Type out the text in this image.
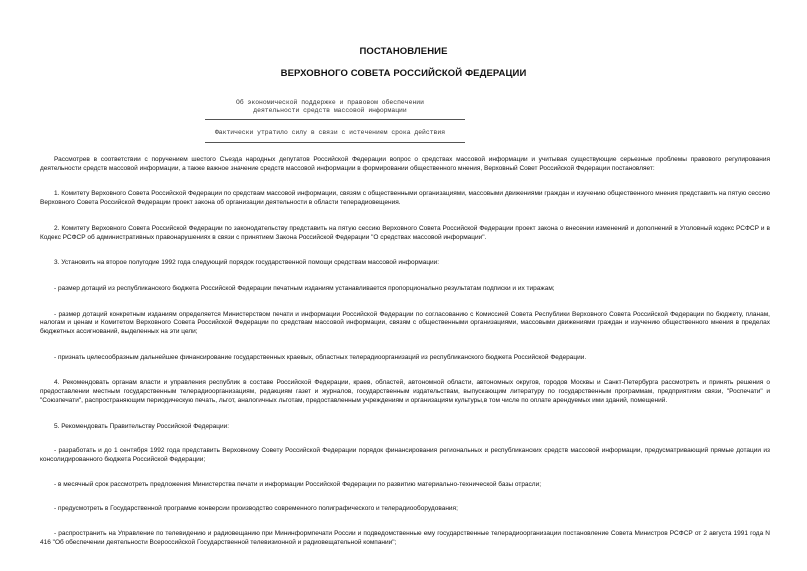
ПОСТАНОВЛЕНИЕ
ВЕРХОВНОГО СОВЕТА РОССИЙСКОЙ ФЕДЕРАЦИИ
Об экономической поддержке и правовом обеспечении
деятельности средств массовой информации
Фактически утратило силу в связи с истечением срока действия

Рассмотрев в соответствии с поручением шестого Съезда народных депутатов Российской Федерации вопрос о средствах массовой информации и учитывая существующие серьезные проблемы правового регулирования деятельности средств массовой информации, а также важное значение средств массовой информации в формировании общественного мнения, Верховный Совет Российской Федерации постановляет:

1. Комитету Верховного Совета Российской Федерации по средствам массовой информации, связям с общественными организациями, массовыми движениями граждан и изучению общественного мнения представить на пятую сессию Верховного Совета Российской Федерации проект закона об организации деятельности в области телерадиовещения.

2. Комитету Верховного Совета Российской Федерации по законодательству представить на пятую сессию Верховного Совета Российской Федерации проект закона о внесении изменений и дополнений в Уголовный кодекс РСФСР и в Кодекс РСФСР об административных правонарушениях в связи с принятием Закона Российской Федерации "О средствах массовой информации".

3. Установить на второе полугодие 1992 года следующий порядок государственной помощи средствам массовой информации:

- размер дотаций из республиканского бюджета Российской Федерации печатным изданиям устанавливается пропорционально результатам подписки и их тиражам;

- размер дотаций конкретным изданиям определяется Министерством печати и информации Российской Федерации по согласованию с Комиссией Совета Республики Верховного Совета Российской Федерации по бюджету, планам, налогам и ценам и Комитетом Верховного Совета Российской Федерации по средствам массовой информации, связям с общественными организациями, массовыми движениями граждан и изучению общественного мнения в пределах бюджетных ассигнований, выделенных на эти цели;

- признать целесообразным дальнейшее финансирование государственных краевых, областных телерадиоорганизаций из республиканского бюджета Российской Федерации.

4. Рекомендовать органам власти и управления республик в составе Российской Федерации, краев, областей, автономной области, автономных округов, городов Москвы и Санкт-Петербурга рассмотреть и принять решения о предоставлении местным государственным телерадиоорганизациям, редакциям газет и журналов, государственным издательствам, выпускающим литературу по государственным программам, предприятиям связи, "Роспечати" и "Союзпечати", распространяющим периодическую печать, льгот, аналогичных льготам, предоставленным учреждениям и организациям культуры,в том числе по оплате арендуемых ими зданий, помещений.

5. Рекомендовать Правительству Российской Федерации:

- разработать и до 1 сентября 1992 года представить Верховному Совету Российской Федерации порядок финансирования региональных и республиканских средств массовой информации, предусматривающий прямые дотации из консолидированного бюджета Российской Федерации;

- в месячный срок рассмотреть предложения Министерства печати и информации Российской Федерации по развитию материально-технической базы отрасли;

- предусмотреть в Государственной программе конверсии производство современного полиграфического и телерадиооборудования;

- распространить на Управление по телевидению и радиовещанию при Мининформпечати России и подведомственные ему государственные телерадиоорганизации постановление Совета Министров РСФСР от 2 августа 1991 года N 416 "Об обеспечении деятельности Всероссийской Государственной телевизионной и радиовещательной компании";
